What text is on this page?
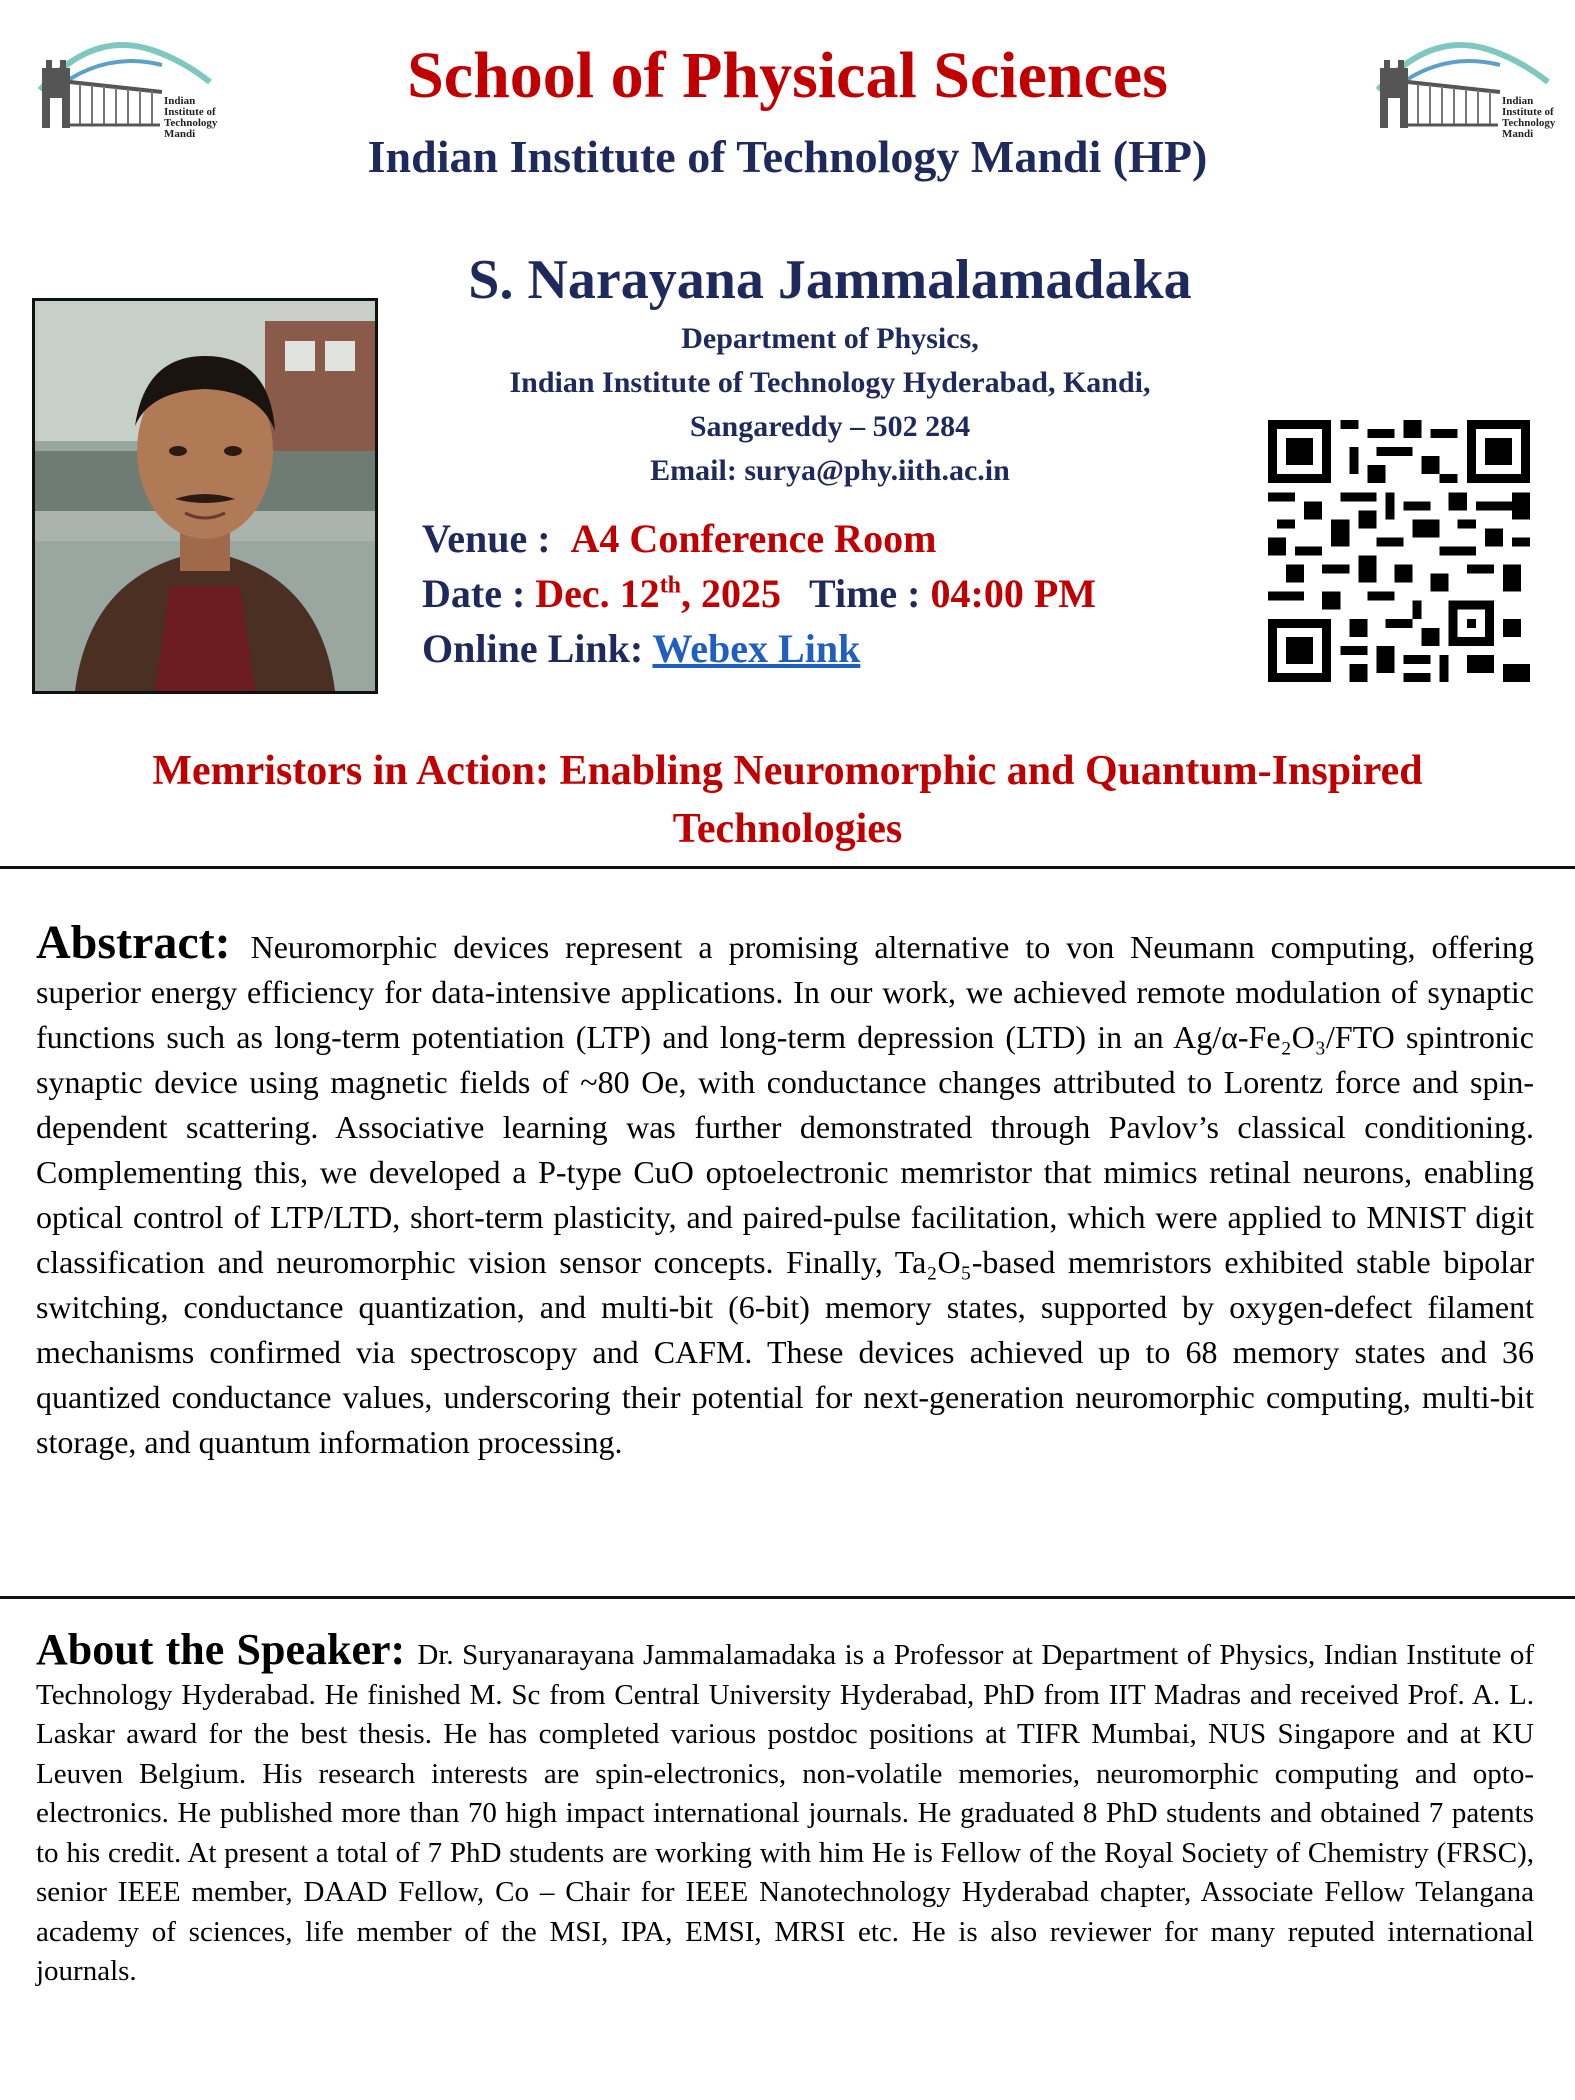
Indian Institute of Technology Mandi
Indian Institute of Technology Mandi
School of Physical Sciences
Indian Institute of Technology Mandi (HP)
S. Narayana Jammalamadaka
Department of Physics,
Indian Institute of Technology Hyderabad, Kandi,
Sangareddy – 502 284
Email: surya@phy.iith.ac.in
Venue : A4 Conference Room
Date : Dec. 12th, 2025 Time : 04:00 PM
Online Link: Webex Link
Memristors in Action: Enabling Neuromorphic and Quantum-Inspired Technologies
Abstract: Neuromorphic devices represent a promising alternative to von Neumann computing, offering superior energy efficiency for data-intensive applications. In our work, we achieved remote modulation of synaptic functions such as long-term potentiation (LTP) and long-term depression (LTD) in an Ag/α-Fe₂O₃/FTO spintronic synaptic device using magnetic fields of ~80 Oe, with conductance changes attributed to Lorentz force and spin-dependent scattering. Associative learning was further demonstrated through Pavlov’s classical conditioning. Complementing this, we developed a P-type CuO optoelectronic memristor that mimics retinal neurons, enabling optical control of LTP/LTD, short-term plasticity, and paired-pulse facilitation, which were applied to MNIST digit classification and neuromorphic vision sensor concepts. Finally, Ta₂O₅-based memristors exhibited stable bipolar switching, conductance quantization, and multi-bit (6-bit) memory states, supported by oxygen-defect filament mechanisms confirmed via spectroscopy and CAFM. These devices achieved up to 68 memory states and 36 quantized conductance values, underscoring their potential for next-generation neuromorphic computing, multi-bit storage, and quantum information processing.
About the Speaker: Dr. Suryanarayana Jammalamadaka is a Professor at Department of Physics, Indian Institute of Technology Hyderabad. He finished M. Sc from Central University Hyderabad, PhD from IIT Madras and received Prof. A. L. Laskar award for the best thesis. He has completed various postdoc positions at TIFR Mumbai, NUS Singapore and at KU Leuven Belgium. His research interests are spin-electronics, non-volatile memories, neuromorphic computing and opto-electronics. He published more than 70 high impact international journals. He graduated 8 PhD students and obtained 7 patents to his credit. At present a total of 7 PhD students are working with him He is Fellow of the Royal Society of Chemistry (FRSC), senior IEEE member, DAAD Fellow, Co – Chair for IEEE Nanotechnology Hyderabad chapter, Associate Fellow Telangana academy of sciences, life member of the MSI, IPA, EMSI, MRSI etc. He is also reviewer for many reputed international journals.
